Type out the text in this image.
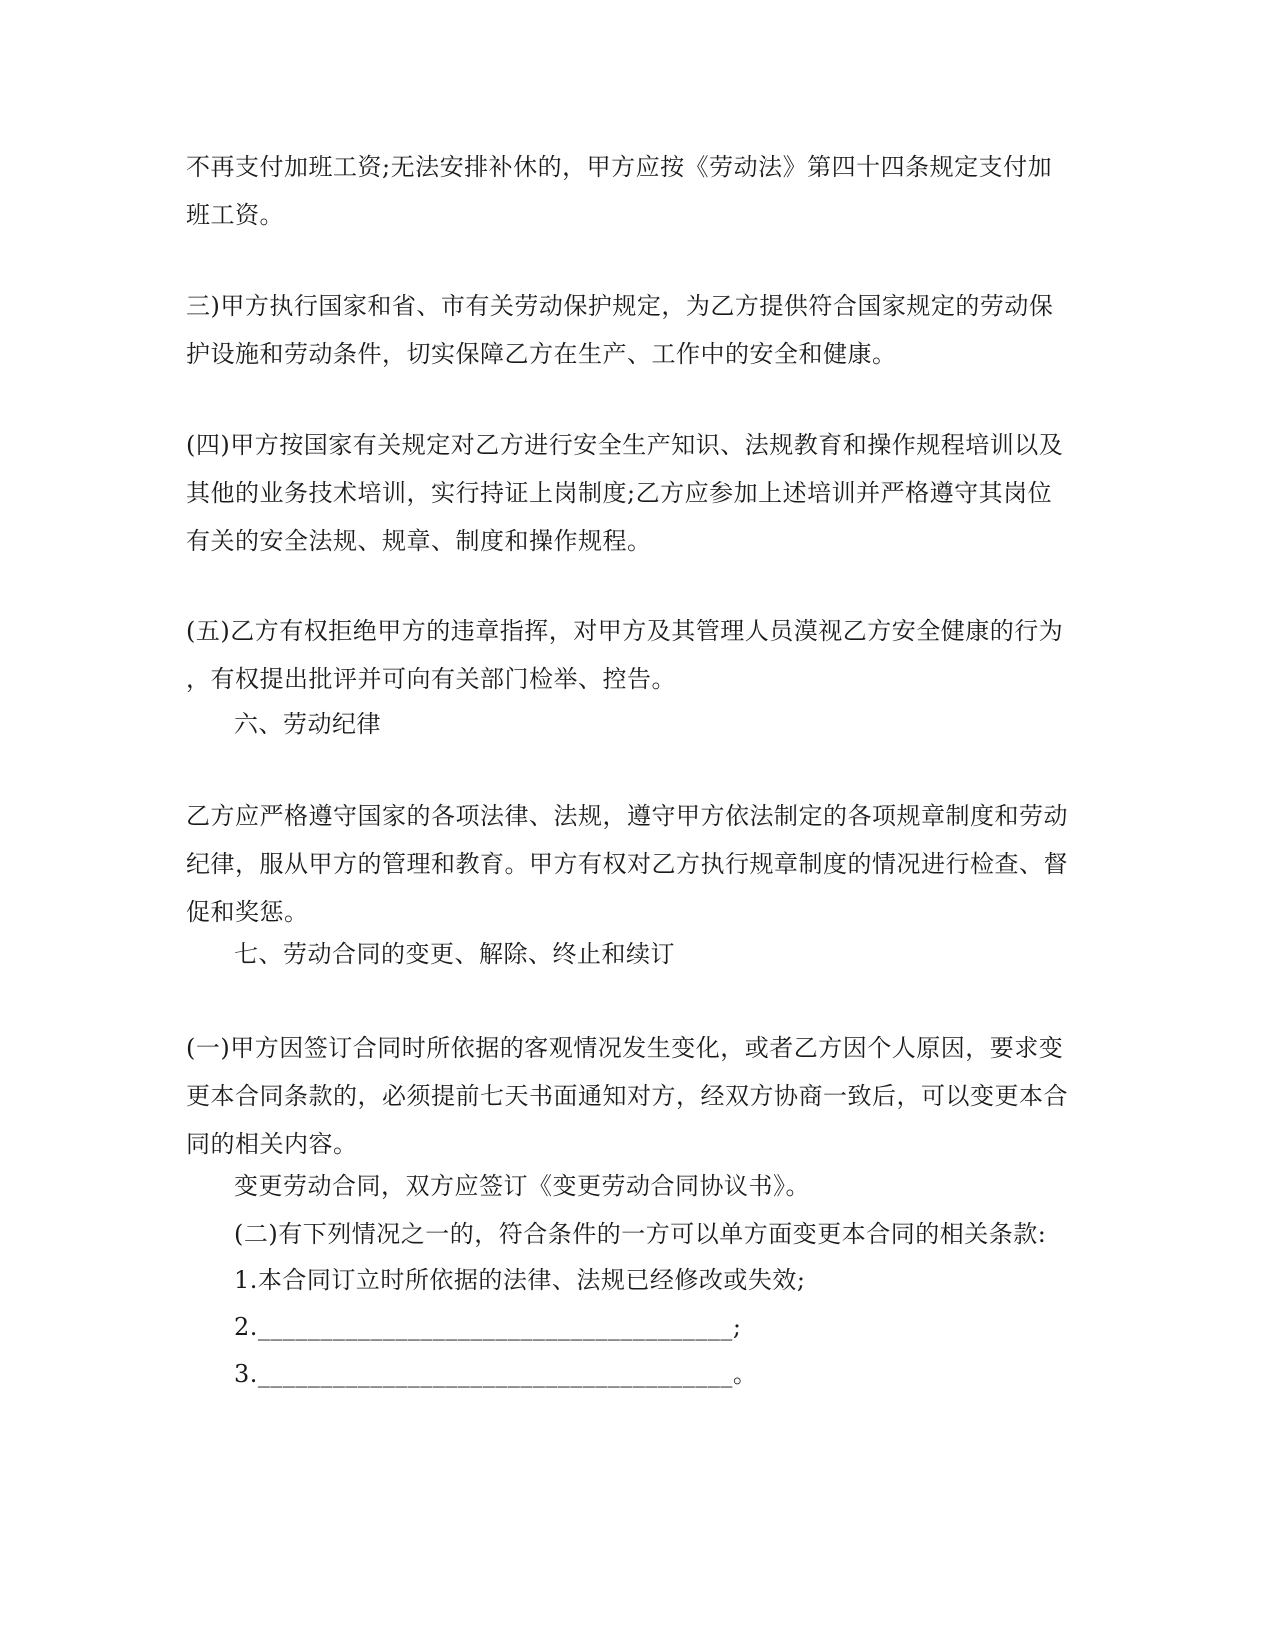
不再支付加班工资;无法安排补休的，甲方应按《劳动法》第四十四条规定支付加
班工资。
三)甲方执行国家和省、市有关劳动保护规定，为乙方提供符合国家规定的劳动保
护设施和劳动条件，切实保障乙方在生产、工作中的安全和健康。
(四)甲方按国家有关规定对乙方进行安全生产知识、法规教育和操作规程培训以及
其他的业务技术培训，实行持证上岗制度;乙方应参加上述培训并严格遵守其岗位
有关的安全法规、规章、制度和操作规程。
(五)乙方有权拒绝甲方的违章指挥，对甲方及其管理人员漠视乙方安全健康的行为
，有权提出批评并可向有关部门检举、控告。
六、劳动纪律
乙方应严格遵守国家的各项法律、法规，遵守甲方依法制定的各项规章制度和劳动
纪律，服从甲方的管理和教育。甲方有权对乙方执行规章制度的情况进行检查、督
促和奖惩。
七、劳动合同的变更、解除、终止和续订
(一)甲方因签订合同时所依据的客观情况发生变化，或者乙方因个人原因，要求变
更本合同条款的，必须提前七天书面通知对方，经双方协商一致后，可以变更本合
同的相关内容。
变更劳动合同，双方应签订《变更劳动合同协议书》。
(二)有下列情况之一的，符合条件的一方可以单方面变更本合同的相关条款:
1.本合同订立时所依据的法律、法规已经修改或失效;
2.______________________________________;
3.______________________________________。
